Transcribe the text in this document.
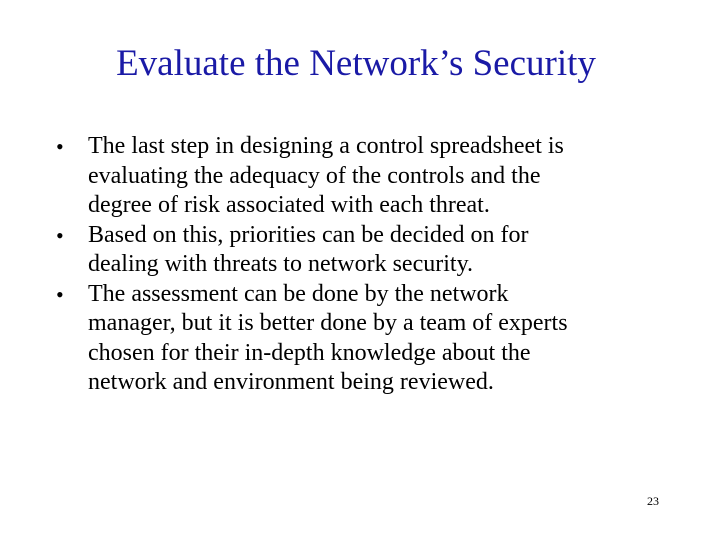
Evaluate the Network’s Security
•	The last step in designing a control spreadsheet is
evaluating the adequacy of the controls and the
degree of risk associated with each threat.
•	Based on this, priorities can be decided on for
dealing with threats to network security.
•	The assessment can be done by the network
manager, but it is better done by a team of experts
chosen for their in-depth knowledge about the
network and environment being reviewed.
23
